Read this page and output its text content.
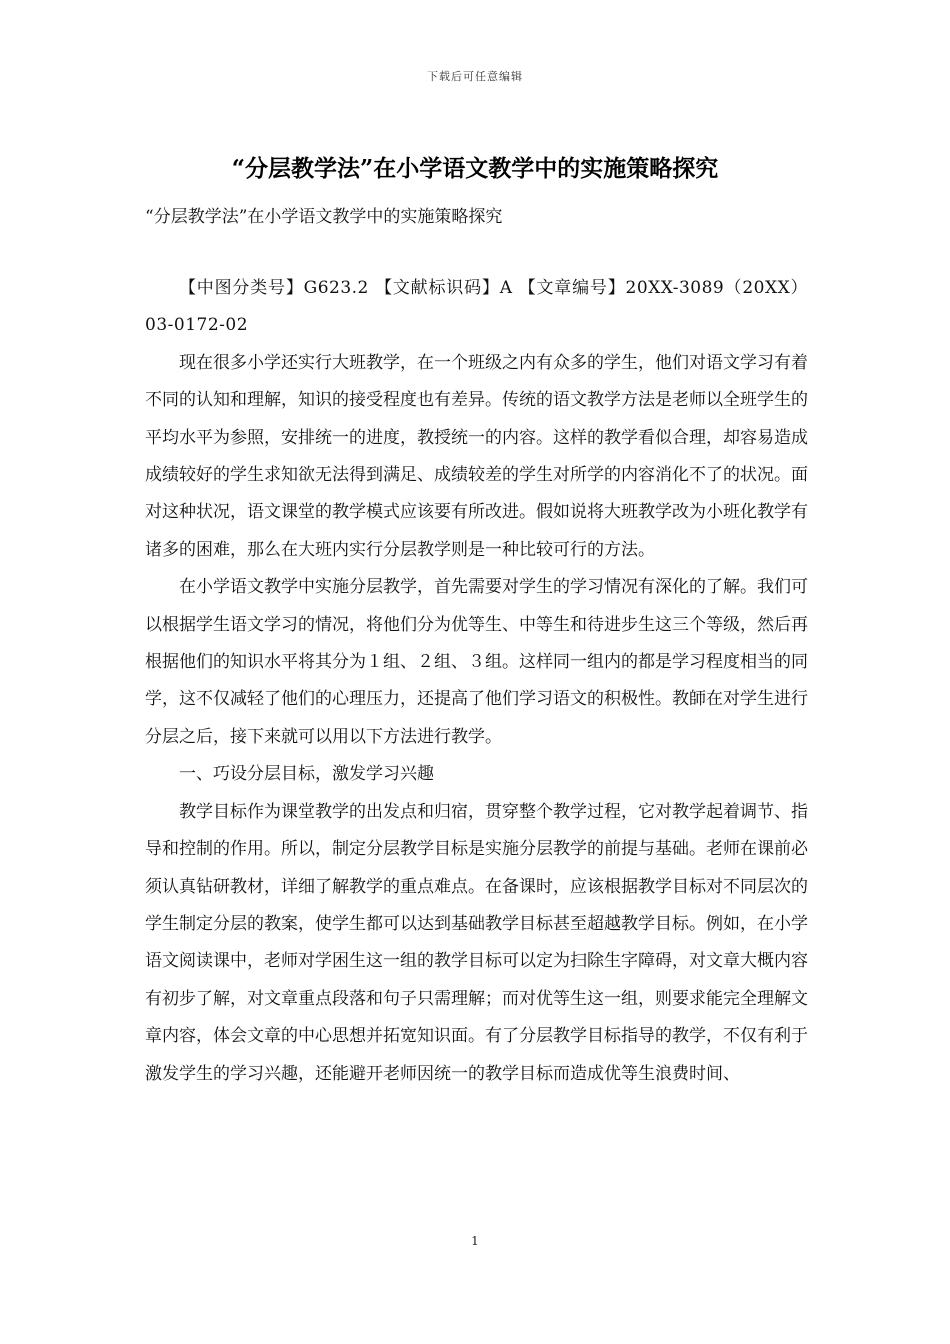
下载后可任意编辑
“分层教学法”在小学语文教学中的实施策略探究
“分层教学法”在小学语文教学中的实施策略探究

【中图分类号】G623.2 【文献标识码】A 【文章编号】20XX-3089（20XX）03-0172-02

现在很多小学还实行大班教学，在一个班级之内有众多的学生，他们对语文学习有着不同的认知和理解，知识的接受程度也有差异。传统的语文教学方法是老师以全班学生的平均水平为参照，安排统一的进度，教授统一的内容。这样的教学看似合理，却容易造成成绩较好的学生求知欲无法得到满足、成绩较差的学生对所学的内容消化不了的状况。面对这种状况，语文课堂的教学模式应该要有所改进。假如说将大班教学改为小班化教学有诸多的困难，那么在大班内实行分层教学则是一种比较可行的方法。

在小学语文教学中实施分层教学，首先需要对学生的学习情况有深化的了解。我们可以根据学生语文学习的情况，将他们分为优等生、中等生和待进步生这三个等级，然后再根据他们的知识水平将其分为１组、２组、３组。这样同一组内的都是学习程度相当的同学，这不仅减轻了他们的心理压力，还提高了他们学习语文的积极性。教師在对学生进行分层之后，接下来就可以用以下方法进行教学。

一、巧设分层目标，激发学习兴趣

教学目标作为课堂教学的出发点和归宿，贯穿整个教学过程，它对教学起着调节、指导和控制的作用。所以，制定分层教学目标是实施分层教学的前提与基础。老师在课前必须认真钻研教材，详细了解教学的重点难点。在备课时，应该根据教学目标对不同层次的学生制定分层的教案，使学生都可以达到基础教学目标甚至超越教学目标。例如，在小学语文阅读课中，老师对学困生这一组的教学目标可以定为扫除生字障碍，对文章大概内容有初步了解，对文章重点段落和句子只需理解；而对优等生这一组，则要求能完全理解文章内容，体会文章的中心思想并拓宽知识面。有了分层教学目标指导的教学，不仅有利于激发学生的学习兴趣，还能避开老师因统一的教学目标而造成优等生浪费时间、

1
